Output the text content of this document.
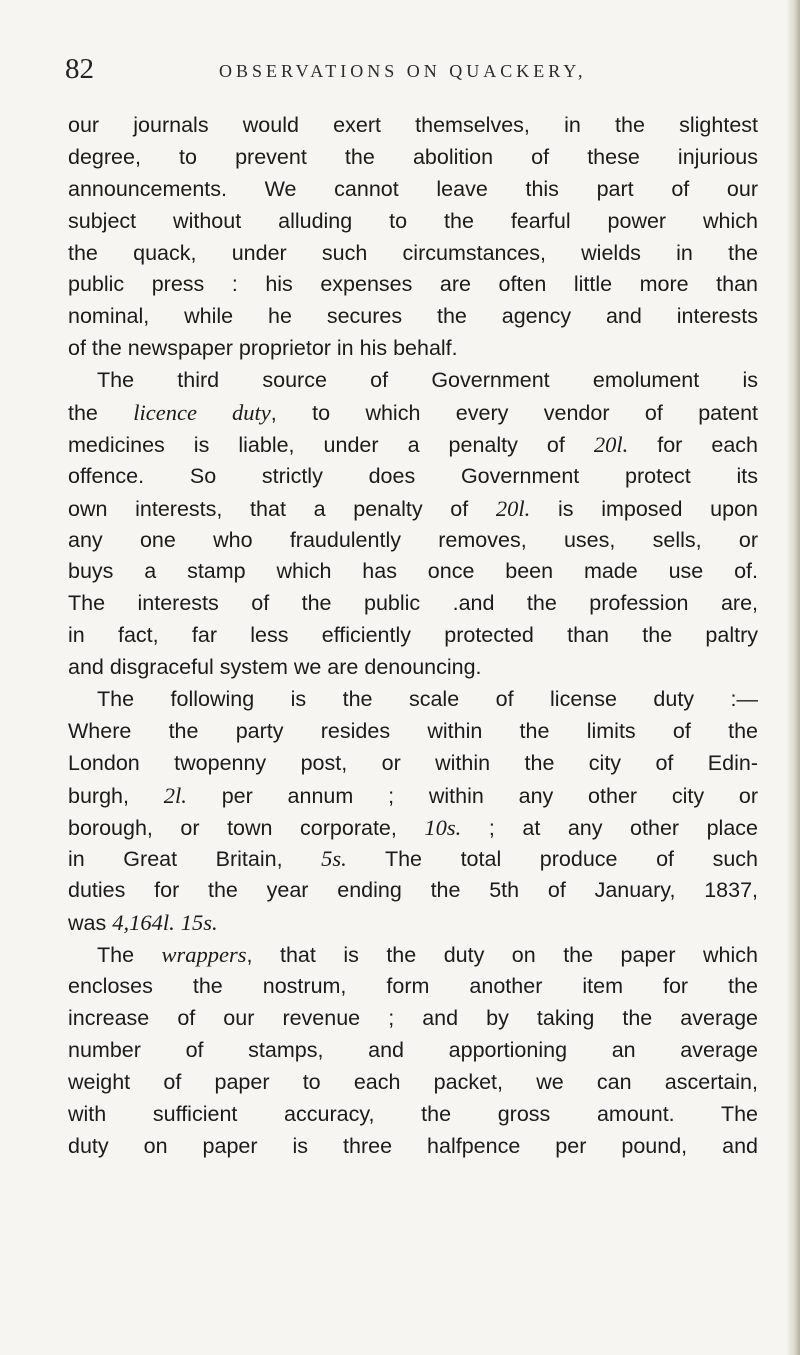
82	OBSERVATIONS ON QUACKERY,
our journals would exert themselves, in the slightest
degree, to prevent the abolition of these injurious
announcements. We cannot leave this part of our
subject without alluding to the fearful power which
the quack, under such circumstances, wields in the
public press : his expenses are often little more than
nominal, while he secures the agency and interests
of the newspaper proprietor in his behalf.
The third source of Government emolument is
the licence duty, to which every vendor of patent
medicines is liable, under a penalty of 20l. for each
offence. So strictly does Government protect its
own interests, that a penalty of 20l. is imposed upon
any one who fraudulently removes, uses, sells, or
buys a stamp which has once been made use of.
The interests of the public .and the profession are,
in fact, far less efficiently protected than the paltry
and disgraceful system we are denouncing.
The following is the scale of license duty :—
Where the party resides within the limits of the
London twopenny post, or within the city of Edin-
burgh, 2l. per annum ; within any other city or
borough, or town corporate, 10s. ; at any other place
in Great Britain, 5s. The total produce of such
duties for the year ending the 5th of January, 1837,
was 4,164l. 15s.
The wrappers, that is the duty on the paper which
encloses the nostrum, form another item for the
increase of our revenue ; and by taking the average
number of stamps, and apportioning an average
weight of paper to each packet, we can ascertain,
with sufficient accuracy, the gross amount. The
duty on paper is three halfpence per pound, and
